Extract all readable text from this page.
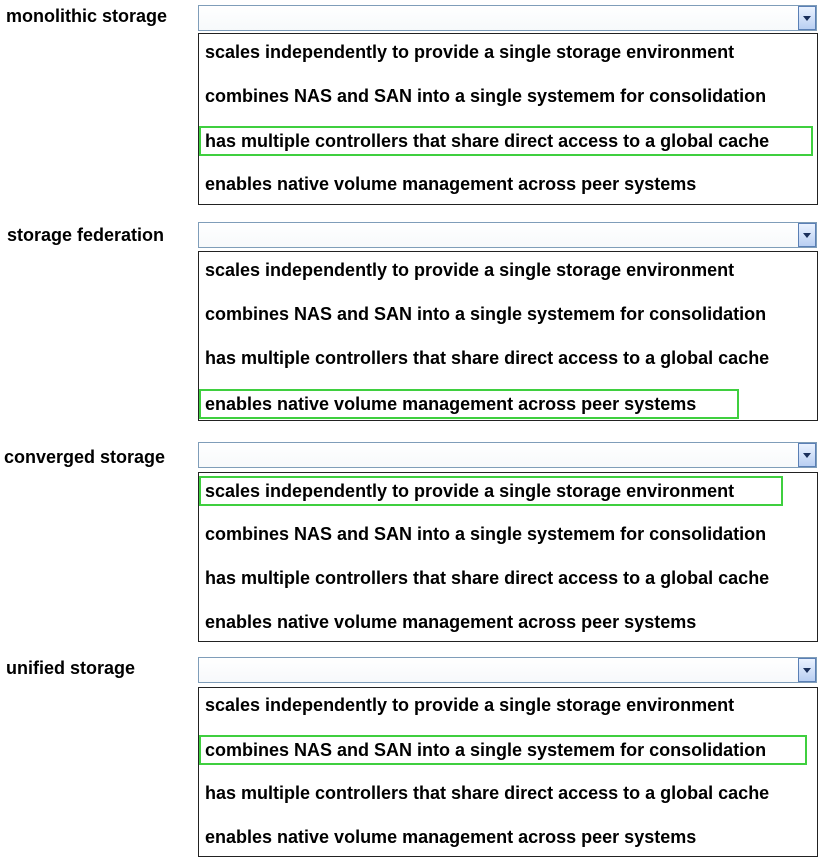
monolithic storage
scales independently to provide a single storage environment
combines NAS and SAN into a single systemem for consolidation
has multiple controllers that share direct access to a global cache
enables native volume management across peer systems
storage federation
scales independently to provide a single storage environment
combines NAS and SAN into a single systemem for consolidation
has multiple controllers that share direct access to a global cache
enables native volume management across peer systems
converged storage
scales independently to provide a single storage environment
combines NAS and SAN into a single systemem for consolidation
has multiple controllers that share direct access to a global cache
enables native volume management across peer systems
unified storage
scales independently to provide a single storage environment
combines NAS and SAN into a single systemem for consolidation
has multiple controllers that share direct access to a global cache
enables native volume management across peer systems
